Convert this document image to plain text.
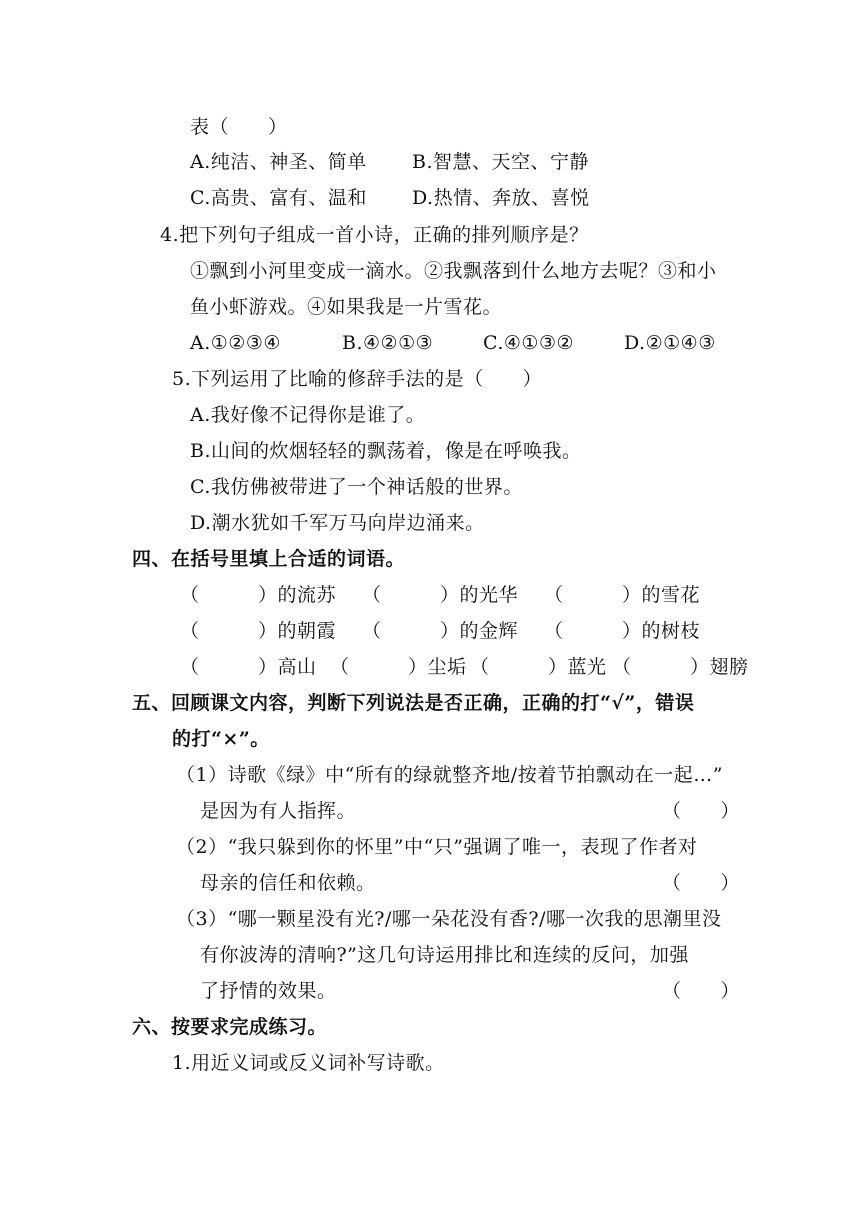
表（　　）
A.纯洁、神圣、简单 B.智慧、天空、宁静
C.高贵、富有、温和 D.热情、奔放、喜悦
4.把下列句子组成一首小诗，正确的排列顺序是？
①飘到小河里变成一滴水。②我飘落到什么地方去呢？③和小
鱼小虾游戏。④如果我是一片雪花。
A.①②③④	B.④②①③	C.④①③②	D.②①④③
5.下列运用了比喻的修辞手法的是（　　）
A.我好像不记得你是谁了。
B.山间的炊烟轻轻的飘荡着，像是在呼唤我。
C.我仿佛被带进了一个神话般的世界。
D.潮水犹如千军万马向岸边涌来。
四、在括号里填上合适的词语。
（　　　）的流苏 （　　　）的光华 （　　　）的雪花
（　　　）的朝霞 （　　　）的金辉 （　　　）的树枝
（　　　）高山 （　　　）尘垢 （　　　）蓝光 （　　　）翅膀
五、回顾课文内容，判断下列说法是否正确，正确的打“√”，错误
的打“×”。
（1）诗歌《绿》中“所有的绿就整齐地/按着节拍飘动在一起…”
是因为有人指挥。	（　　）
（2）“我只躲到你的怀里”中“只”强调了唯一，表现了作者对
母亲的信任和依赖。	（　　）
（3）“哪一颗星没有光?/哪一朵花没有香?/哪一次我的思潮里没
有你波涛的清响?”这几句诗运用排比和连续的反问，加强
了抒情的效果。	（　　）
六、按要求完成练习。
1.用近义词或反义词补写诗歌。
